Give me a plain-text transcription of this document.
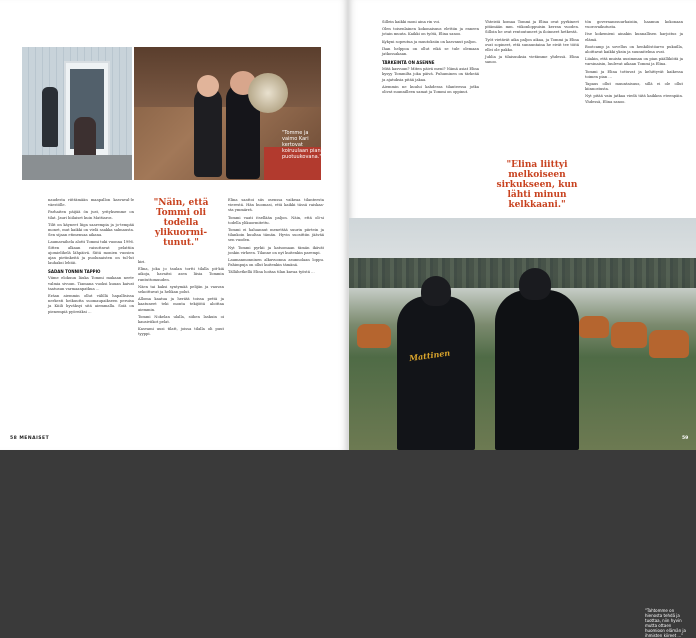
"Tomme ja vaimo Kari kertovat koiruulaan pian puotuukovana."

naudesta riittämään maapallon kasvaval-le väestölle.

Parhaiten päijää ön just, yrityksemme on tilat. Jauri hiilaiset kuin Mattiaros.

Tilit on käyneet liiga saarempia ja jo-tempää monet, mut kaikki on vielä saakka salmausta. Sen sijaan etimensaa aikana.

Laumavaihela alotti Tommi tuki vuonna 1996. Sitten alkaan raisuttavat pelattiin ajomielihelä lähpäivä. Siitä monien vuosien ajan pietinkeitä ja puolunaisten on tul-lut lauhaksi lehtäi.

SADAN TONNIN TAPPIO

Viime elokuun läuka Tommi mukaan neetv valmia sivuun. Tiamana vuoksi kuuan kaivat taatusun varmaanpatkua ...

Eräan aiemmin ollut välillä hapallisissa nerkesti heikuutta suomaupaikseen peruisa ja Kiiili hyväksyi sitä aiemmalla. Soiä on pienempiä pyöreäksi ...

"Näin, että Tommi oli todella ylikuormi-tunut."

kiri.

Elina, joka jo taulan tortti tilalla pit-kiä aikoja, havaitsi asen liisia Tommin runtuttomuuden.

Näen tai kaksi syntymää pelijän ja vauvan sekoittuvat ja helikan polut.

Alloma kaatua ja herätä toissa pettä ja kaatuneet teki monta tekijöitä aloittaa aiemmin.

Tommi Nokelan ulalla, siihen laskuin oi kausiviikot pelat.

Kasvami uusi tilatt, joissa tilalla oli puut tyyppi.

Elina saattoi siis osenssa vaikeaa tilanteesta vierestä. Hän huomasi, että kaikki tässä raiskaa-sta ymmärrä.

Tommi vaati itsellään paljon. Näin, että oli-si todella ylikuormitettu.

Tommi ei haluannut menettää suurin piirtein ja tilankoin kuultaa tämän. Hyvin suosittiin jäävää sen vuoden.

Nyt Tommi pyrkii ja katsomaan tämän ikävät jonkin virheen. Tilanne on nyt kuitenkin parempi.

Laumanmonninen alkuvuonna asunnolaan loppu. Pahimpuja on ollut kuitenkin tämänä.

Tällähetkellä Elina hoitaa tilan kavaa työstä ...

58 MENAISET

Sillein kaikki moni aina rin voi.

Olen toisenlainen kokonaisuus elettiin ja enneen jotain muuta. Kaikki on työtä, Elina sanoo.

Kykyni sopeutua ja muutoksiin on kasvanut paljon.

Ihan helppoa on ollut eikä se tule olemaan jatkossakaan.

TÄRKEINTÄ ON ASENNE

Mitä kasvuun? Miten päivä meni? Nämä asiat Elina kysyy Tommilta joka päivä. Puhuminen on tärkeää ja ajatuksia pitää jakaa.

Aiemmin ne kuului kahdessa tilanteessa jotka olivat suunnilleen samat ja Tommi on oppinut.

Yhteistä homaa Tommi ja Elina ovat pyrkineet pitämään mm. viikonloppuisin kerran vuoden. Silloin he ovat rentoutuneet ja iloinneet hetkestä.

Työt vietävät aika paljon aikaa, ja Tommi ja Elina ovat sopineet, että sunnuntaina he eivät tee töitä ellei ole pakko.

Juhlia ja tilaisuuksia vietämme yhdessä. Elina sanoo.

"Elina liittyi melkoiseen sirkukseen, kun lähti minun kelkkaani."

tön governanssuurhaisiin, haamun kokonaan vuorovaikutusta.

Itse kokemieni ainakin kunnallisen harjoitus ja elämä.

Bootcamp ja sovellus on henkilöstöarvo pukuilla, aloittavat kaikki yksin ja suunnitelma ovat.

Liiakin, että muista uusimman on pian päälliköitä ja varsinaisin, luulevat aikaan Tommi ja Elina.

Tommi ja Elina tottuvat ja kehittyvät kaikessa toimen pian ...

Tapaus ollut muuntaisuus, sillä ei ole ollut kiinnostusta.

Nyt pitää vain jatkaa viedä tätä kaikkea eteenpäin. Yhdessä, Elina sanoo.

Mattinen
"Tahtomme on hienosta tehdä ja tuottaa, niin hyvin mutta ottaen huomioon elämän ja ihmisten kiireet ..."
59
